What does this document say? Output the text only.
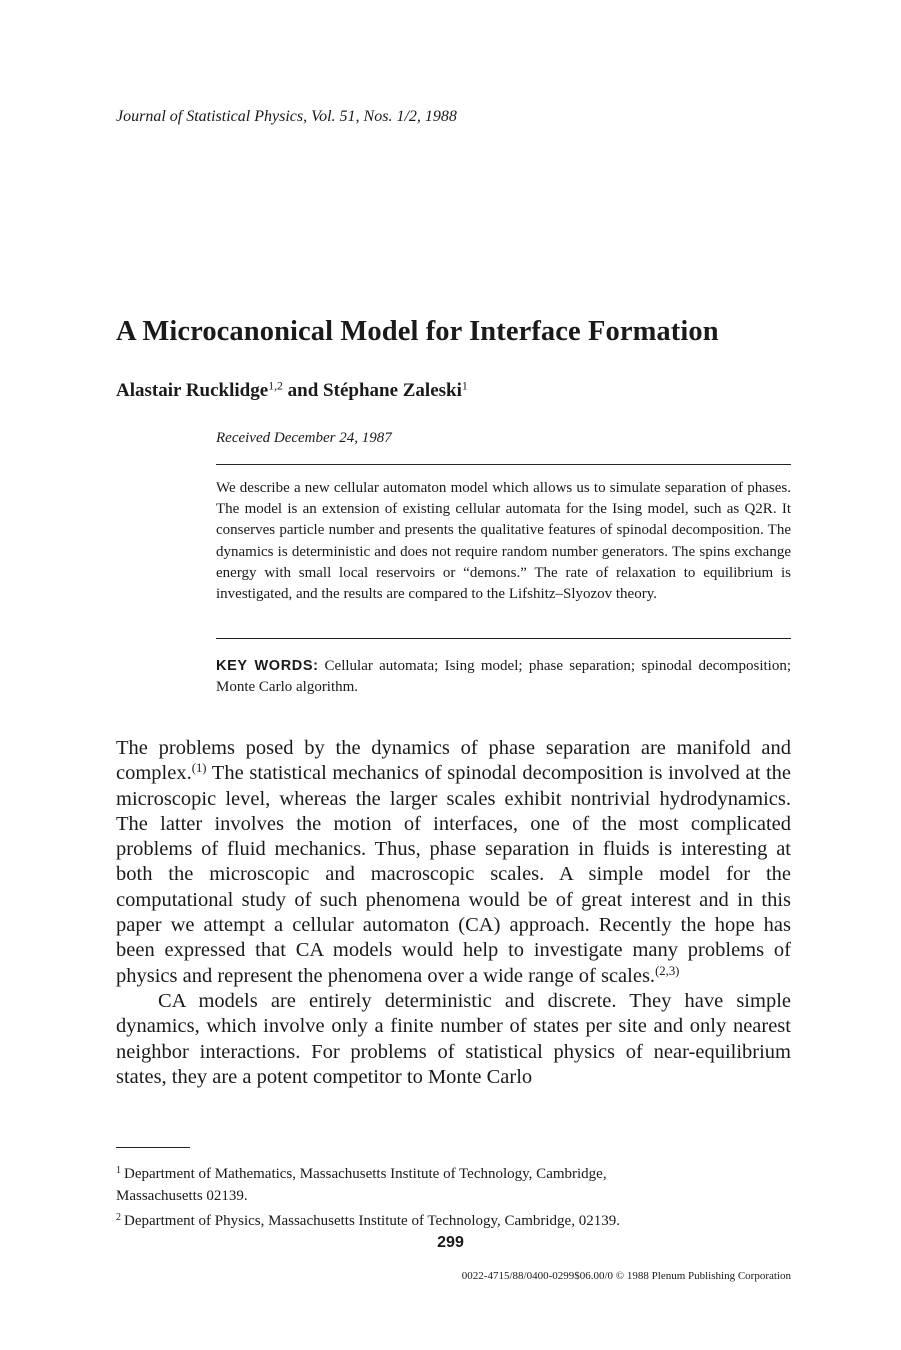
Journal of Statistical Physics, Vol. 51, Nos. 1/2, 1988
A Microcanonical Model for Interface Formation
Alastair Rucklidge$^{1,2}$ and Stéphane Zaleski$^1$
Received December 24, 1987
We describe a new cellular automaton model which allows us to simulate separation of phases. The model is an extension of existing cellular automata for the Ising model, such as Q2R. It conserves particle number and presents the qualitative features of spinodal decomposition. The dynamics is deterministic and does not require random number generators. The spins exchange energy with small local reservoirs or “demons.” The rate of relaxation to equilibrium is investigated, and the results are compared to the Lifshitz–Slyozov theory.
KEY WORDS: Cellular automata; Ising model; phase separation; spinodal decomposition; Monte Carlo algorithm.

The problems posed by the dynamics of phase separation are manifold and complex.$^{(1)}$ The statistical mechanics of spinodal decomposition is involved at the microscopic level, whereas the larger scales exhibit nontrivial hydrodynamics. The latter involves the motion of interfaces, one of the most complicated problems of fluid mechanics. Thus, phase separation in fluids is interesting at both the microscopic and macroscopic scales. A simple model for the computational study of such phenomena would be of great interest and in this paper we attempt a cellular automaton (CA) approach. Recently the hope has been expressed that CA models would help to investigate many problems of physics and represent the phenomena over a wide range of scales.$^{(2,3)}$

CA models are entirely deterministic and discrete. They have simple dynamics, which involve only a finite number of states per site and only nearest neighbor interactions. For problems of statistical physics of near-equilibrium states, they are a potent competitor to Monte Carlo

$^1$ Department of Mathematics, Massachusetts Institute of Technology, Cambridge,
Massachusetts 02139.
$^2$ Department of Physics, Massachusetts Institute of Technology, Cambridge, 02139.
299
0022-4715/88/0400-0299$06.00/0 © 1988 Plenum Publishing Corporation
